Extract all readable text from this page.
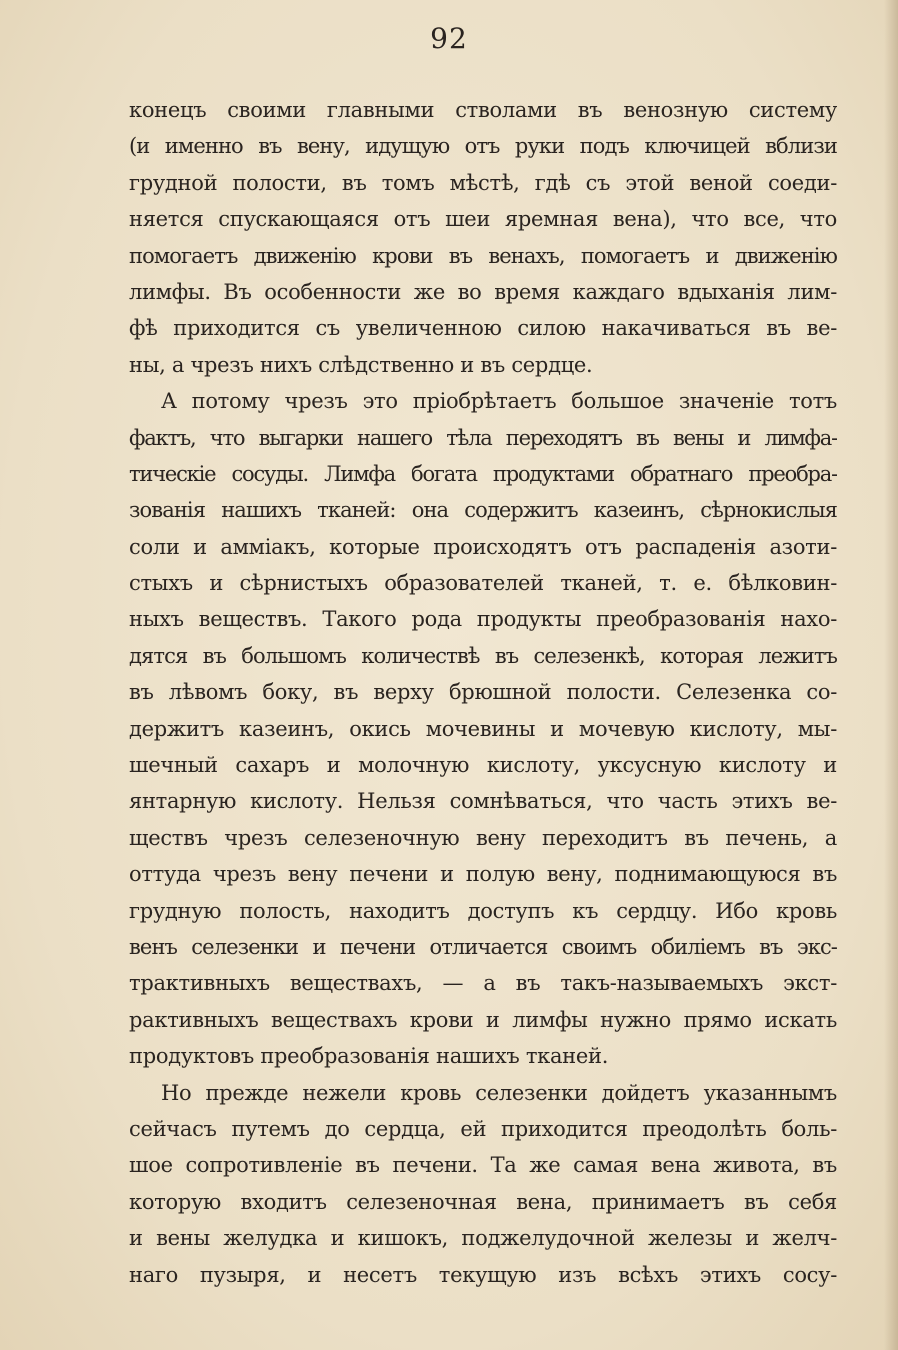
92
конецъ своими главными стволами въ венозную систему
(и именно въ вену, идущую отъ руки подъ ключицей вблизи
грудной полости, въ томъ мѣстѣ, гдѣ съ этой веной соеди-
няется спускающаяся отъ шеи яремная вена), что все, что
помогаетъ движенію крови въ венахъ, помогаетъ и движенію
лимфы. Въ особенности же во время каждаго вдыханія лим-
фѣ приходится съ увеличенною силою накачиваться въ ве-
ны, а чрезъ нихъ слѣдственно и въ сердце.
А потому чрезъ это пріобрѣтаетъ большое значеніе тотъ
фактъ, что выгарки нашего тѣла переходятъ въ вены и лимфа-
тическіе сосуды. Лимфа богата продуктами обратнаго преобра-
зованія нашихъ тканей: она содержитъ казеинъ, сѣрнокислыя
соли и амміакъ, которые происходятъ отъ распаденія азоти-
стыхъ и сѣрнистыхъ образователей тканей, т. е. бѣлковин-
ныхъ веществъ. Такого рода продукты преобразованія нахо-
дятся въ большомъ количествѣ въ селезенкѣ, которая лежитъ
въ лѣвомъ боку, въ верху брюшной полости. Селезенка со-
держитъ казеинъ, окись мочевины и мочевую кислоту, мы-
шечный сахаръ и молочную кислоту, уксусную кислоту и
янтарную кислоту. Нельзя сомнѣваться, что часть этихъ ве-
ществъ чрезъ селезеночную вену переходитъ въ печень, а
оттуда чрезъ вену печени и полую вену, поднимающуюся въ
грудную полость, находитъ доступъ къ сердцу. Ибо кровь
венъ селезенки и печени отличается своимъ обиліемъ въ экс-
трактивныхъ веществахъ, — а въ такъ-называемыхъ экст-
рактивныхъ веществахъ крови и лимфы нужно прямо искать
продуктовъ преобразованія нашихъ тканей.
Но прежде нежели кровь селезенки дойдетъ указаннымъ
сейчасъ путемъ до сердца, ей приходится преодолѣть боль-
шое сопротивленіе въ печени. Та же самая вена живота, въ
которую входитъ селезеночная вена, принимаетъ въ себя
и вены желудка и кишокъ, поджелудочной железы и желч-
наго пузыря, и несетъ текущую изъ всѣхъ этихъ сосу-
